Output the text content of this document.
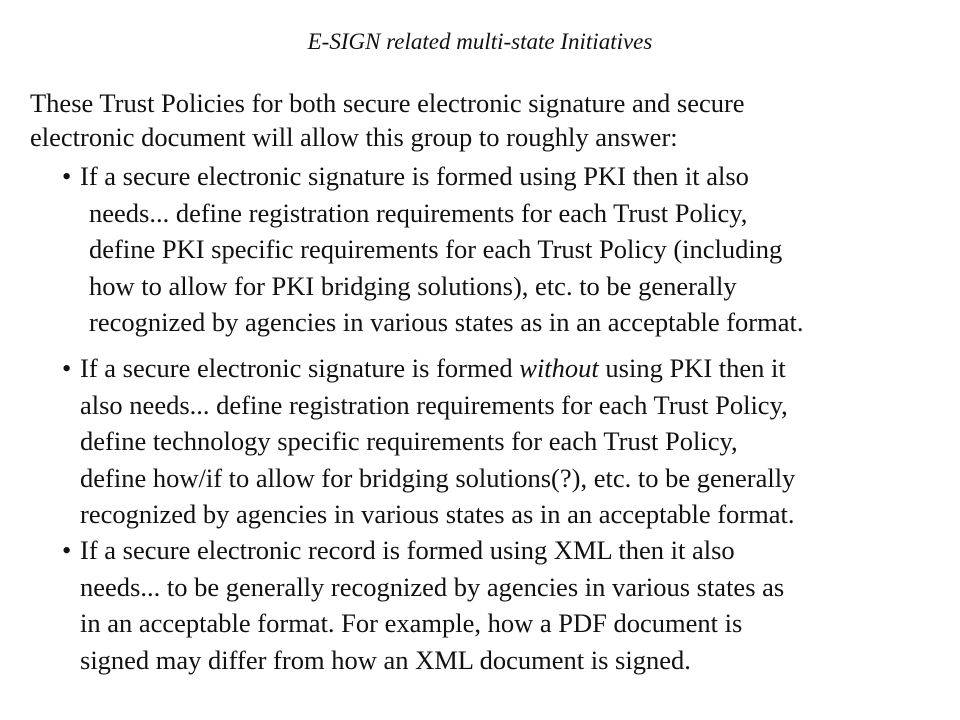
E-SIGN related multi-state Initiatives
These Trust Policies for both secure electronic signature and secure
electronic document will allow this group to roughly answer:
• If a secure electronic signature is formed using PKI then it also
needs... define registration requirements for each Trust Policy,
define PKI specific requirements for each Trust Policy (including
how to allow for PKI bridging solutions), etc. to be generally
recognized by agencies in various states as in an acceptable format.
• If a secure electronic signature is formed without using PKI then it
also needs... define registration requirements for each Trust Policy,
define technology specific requirements for each Trust Policy,
define how/if to allow for bridging solutions(?), etc. to be generally
recognized by agencies in various states as in an acceptable format.
• If a secure electronic record is formed using XML then it also
needs... to be generally recognized by agencies in various states as
in an acceptable format. For example, how a PDF document is
signed may differ from how an XML document is signed.
